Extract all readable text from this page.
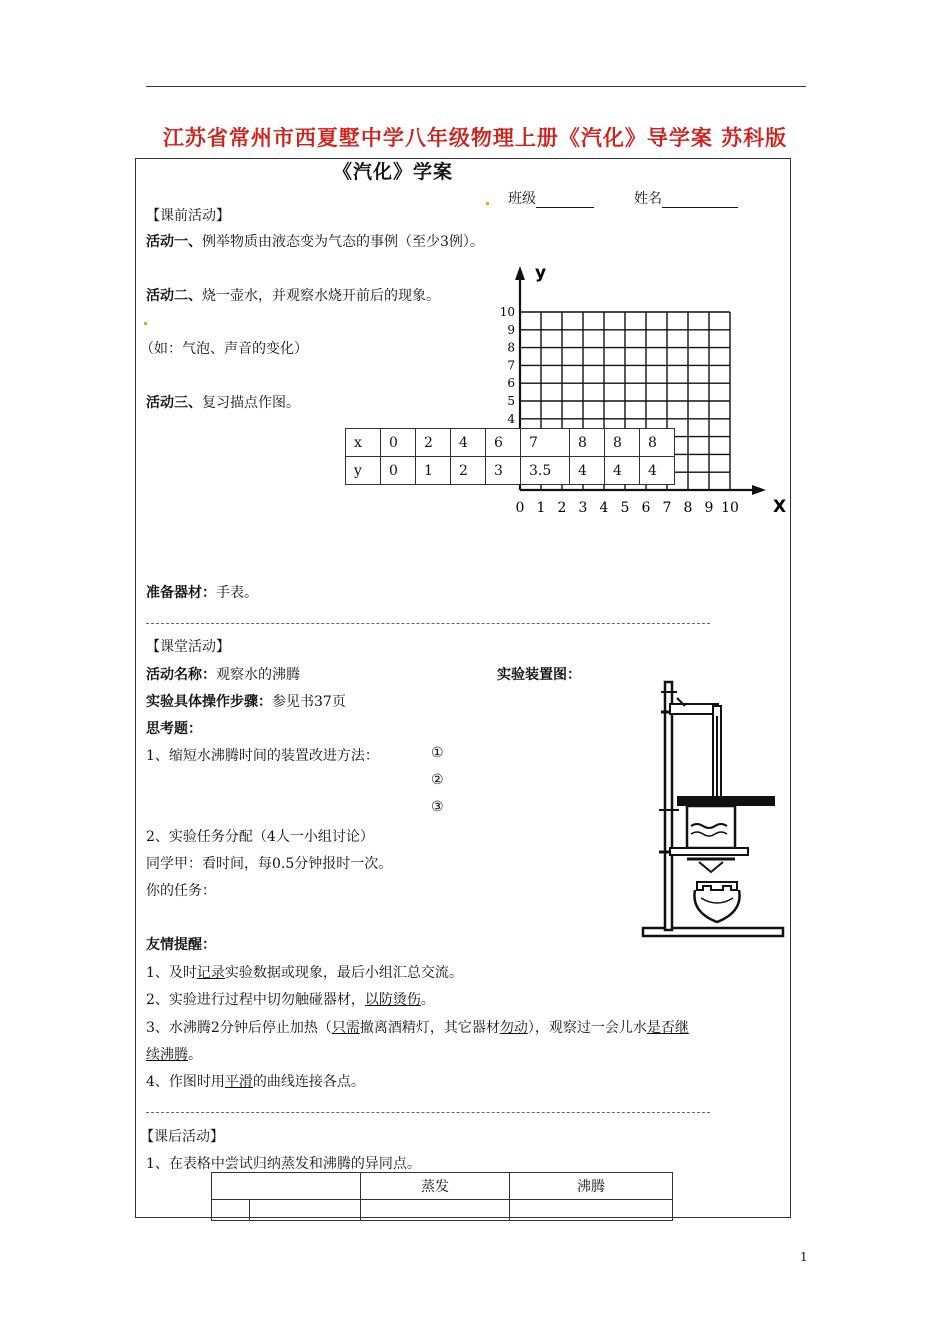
江苏省常州市西夏墅中学八年级物理上册《汽化》导学案 苏科版
《汽化》学案
班级	姓名
【课前活动】
活动一、例举物质由液态变为气态的事例（至少3例）。
活动二、烧一壶水，并观察水烧开前后的现象。
（如：气泡、声音的变化）
活动三、复习描点作图。
y
X
10
9
8
7
6
5
4
0 1 2 3 4 5 6 7 8 9 10
x	0	2	4	6	7	8	8	8
y	0	1	2	3	3.5	4	4	4
准备器材：手表。
【课堂活动】
活动名称：观察水的沸腾	实验装置图：
实验具体操作步骤：参见书37页
思考题：
1、缩短水沸腾时间的装置改进方法：	①
②
③
2、实验任务分配（4人一小组讨论）
同学甲：看时间，每0.5分钟报时一次。
你的任务：
友情提醒：
1、及时记录实验数据或现象，最后小组汇总交流。
2、实验进行过程中切勿触碰器材，以防烫伤。
3、水沸腾2分钟后停止加热（只需撤离酒精灯，其它器材勿动），观察过一会儿水是否继
续沸腾。
4、作图时用平滑的曲线连接各点。
【课后活动】
1、在表格中尝试归纳蒸发和沸腾的异同点。
		蒸发	沸腾

1
